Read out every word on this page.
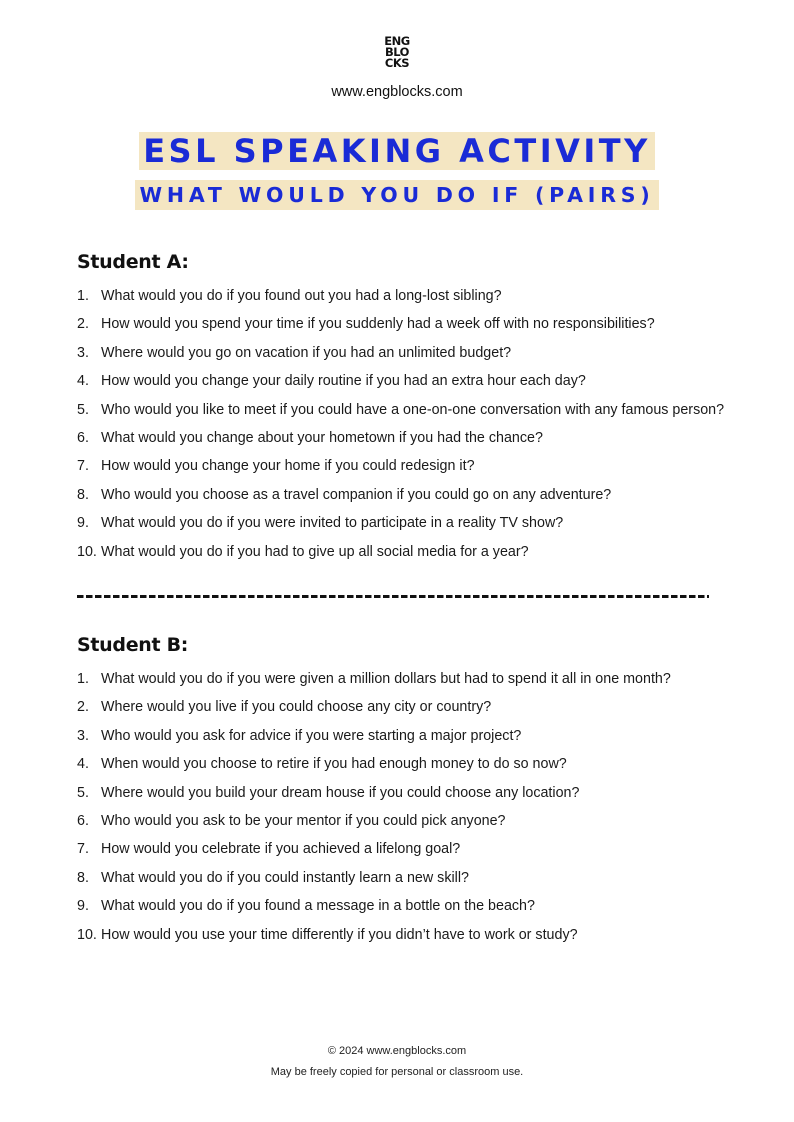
ENG
BLO
CKS
www.engblocks.com
ESL SPEAKING ACTIVITY
WHAT WOULD YOU DO IF (PAIRS)
Student A:
1. What would you do if you found out you had a long-lost sibling?
2. How would you spend your time if you suddenly had a week off with no responsibilities?
3. Where would you go on vacation if you had an unlimited budget?
4. How would you change your daily routine if you had an extra hour each day?
5. Who would you like to meet if you could have a one-on-one conversation with any famous person?
6. What would you change about your hometown if you had the chance?
7. How would you change your home if you could redesign it?
8. Who would you choose as a travel companion if you could go on any adventure?
9. What would you do if you were invited to participate in a reality TV show?
10. What would you do if you had to give up all social media for a year?
Student B:
1. What would you do if you were given a million dollars but had to spend it all in one month?
2. Where would you live if you could choose any city or country?
3. Who would you ask for advice if you were starting a major project?
4. When would you choose to retire if you had enough money to do so now?
5. Where would you build your dream house if you could choose any location?
6. Who would you ask to be your mentor if you could pick anyone?
7. How would you celebrate if you achieved a lifelong goal?
8. What would you do if you could instantly learn a new skill?
9. What would you do if you found a message in a bottle on the beach?
10. How would you use your time differently if you didn’t have to work or study?
© 2024 www.engblocks.com
May be freely copied for personal or classroom use.
